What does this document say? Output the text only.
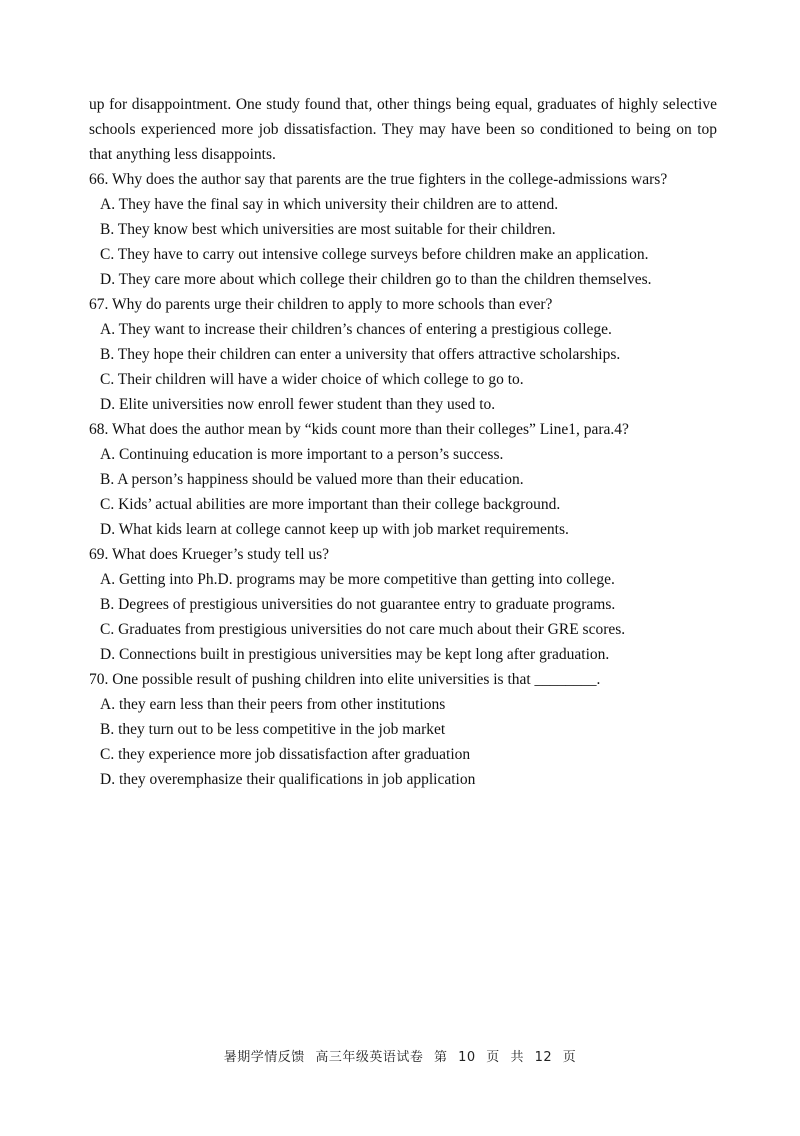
up for disappointment. One study found that, other things being equal, graduates of highly selective schools experienced more job dissatisfaction. They may have been so conditioned to being on top that anything less disappoints.

66. Why does the author say that parents are the true fighters in the college-admissions wars?

A. They have the final say in which university their children are to attend.
B. They know best which universities are most suitable for their children.
C. They have to carry out intensive college surveys before children make an application.
D. They care more about which college their children go to than the children themselves.

67. Why do parents urge their children to apply to more schools than ever?

A. They want to increase their children’s chances of entering a prestigious college.
B. They hope their children can enter a university that offers attractive scholarships.
C. Their children will have a wider choice of which college to go to.
D. Elite universities now enroll fewer student than they used to.

68. What does the author mean by “kids count more than their colleges” Line1, para.4?

A. Continuing education is more important to a person’s success.
B. A person’s happiness should be valued more than their education.
C. Kids’ actual abilities are more important than their college background.
D. What kids learn at college cannot keep up with job market requirements.

69. What does Krueger’s study tell us?

A. Getting into Ph.D. programs may be more competitive than getting into college.
B. Degrees of prestigious universities do not guarantee entry to graduate programs.
C. Graduates from prestigious universities do not care much about their GRE scores.
D. Connections built in prestigious universities may be kept long after graduation.

70. One possible result of pushing children into elite universities is that ________.

A. they earn less than their peers from other institutions
B. they turn out to be less competitive in the job market
C. they experience more job dissatisfaction after graduation
D. they overemphasize their qualifications in job application
暑期学情反馈 高三年级英语试卷 第 10 页 共 12 页
